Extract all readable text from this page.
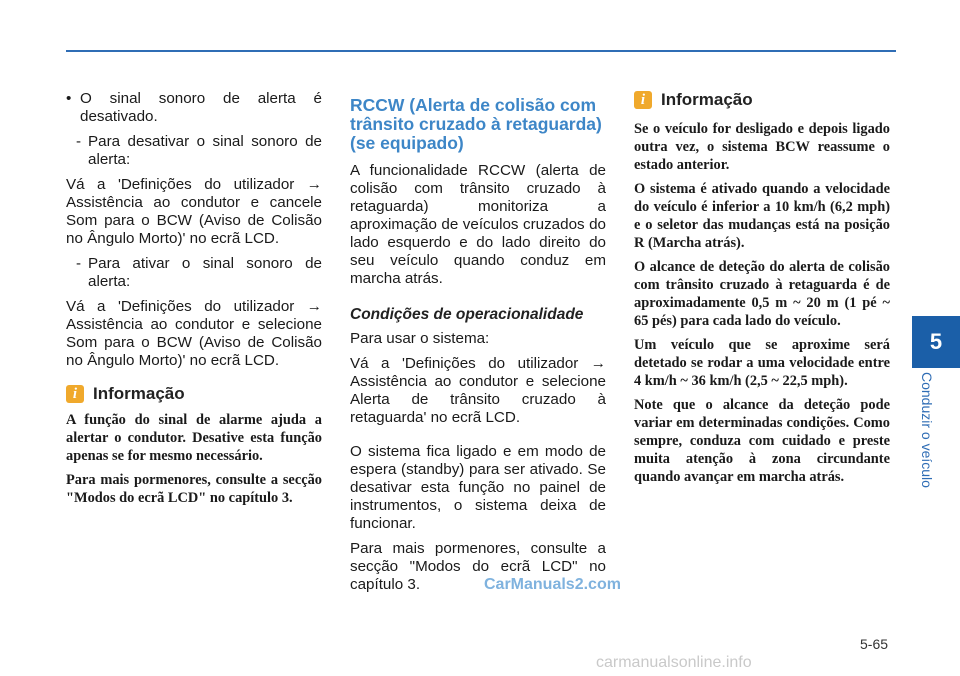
• O sinal sonoro de alerta é desativado.

- Para desativar o sinal sonoro de alerta:

Vá a 'Definições do utilizador → Assistência ao condutor e cancele Som para o BCW (Aviso de Colisão no Ângulo Morto)' no ecrã LCD.

- Para ativar o sinal sonoro de alerta:

Vá a 'Definições do utilizador → Assistência ao condutor e selecione Som para o BCW (Aviso de Colisão no Ângulo Morto)' no ecrã LCD.

i Informação

A função do sinal de alarme ajuda a alertar o condutor. Desative esta função apenas se for mesmo necessário.

Para mais pormenores, consulte a secção "Modos do ecrã LCD" no capítulo 3.

RCCW (Alerta de colisão com trânsito cruzado à retaguarda) (se equipado)

A funcionalidade RCCW (alerta de colisão com trânsito cruzado à retaguarda) monitoriza a aproximação de veículos cruzados do lado esquerdo e do lado direito do seu veículo quando conduz em marcha atrás.

Condições de operacionalidade

Para usar o sistema:

Vá a 'Definições do utilizador → Assistência ao condutor e selecione Alerta de trânsito cruzado à retaguarda' no ecrã LCD.

O sistema fica ligado e em modo de espera (standby) para ser ativado. Se desativar esta função no painel de instrumentos, o sistema deixa de funcionar.

Para mais pormenores, consulte a secção "Modos do ecrã LCD" no capítulo 3.

i Informação

Se o veículo for desligado e depois ligado outra vez, o sistema BCW reassume o estado anterior.

O sistema é ativado quando a velocidade do veículo é inferior a 10 km/h (6,2 mph) e o seletor das mudanças está na posição R (Marcha atrás).

O alcance de deteção do alerta de colisão com trânsito cruzado à retaguarda é de aproximadamente 0,5 m ~ 20 m (1 pé ~ 65 pés) para cada lado do veículo.

Um veículo que se aproxime será detetado se rodar a uma velocidade entre 4 km/h ~ 36 km/h (2,5 ~ 22,5 mph).

Note que o alcance da deteção pode variar em determinadas condições. Como sempre, conduza com cuidado e preste muita atenção à zona circundante quando avançar em marcha atrás.

5
Conduzir o veículo
CarManuals2.com
5-65
carmanualsonline.info
